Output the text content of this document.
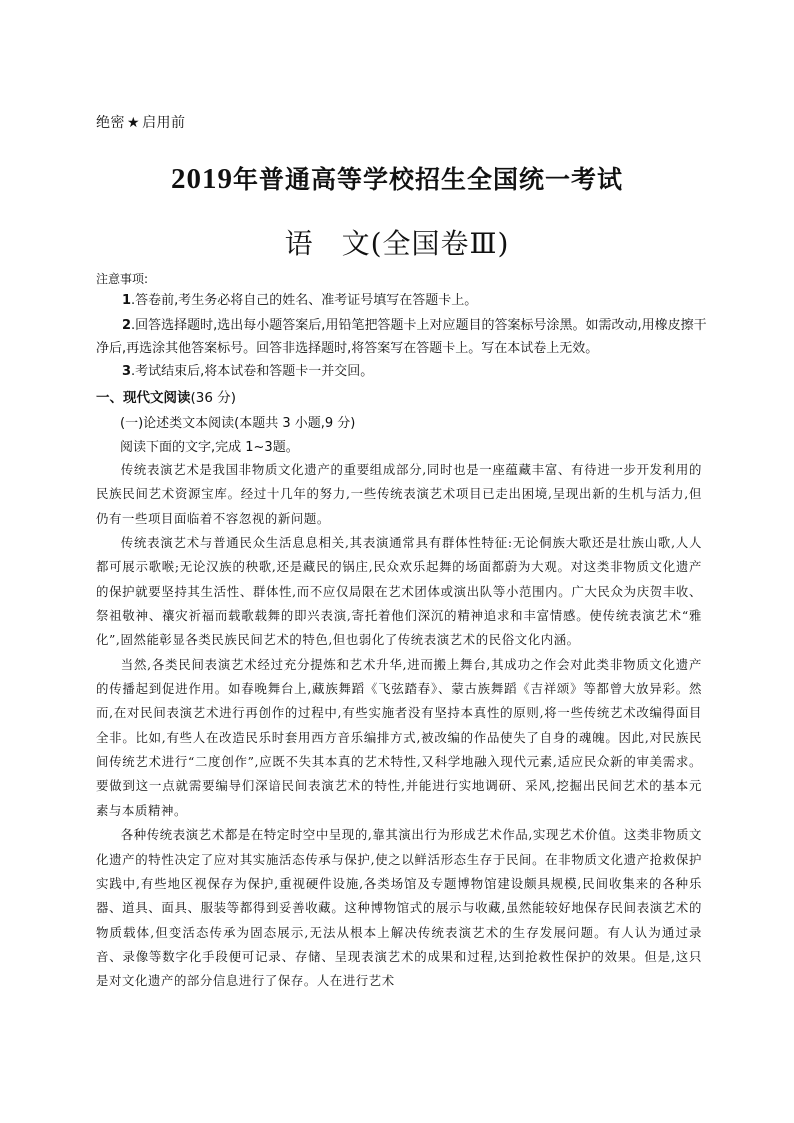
绝密 ★ 启用前
2019年普通高等学校招生全国统一考试
语 文(全国卷Ⅲ)
注意事项:
1.答卷前,考生务必将自己的姓名、准考证号填写在答题卡上。
2.回答选择题时,选出每小题答案后,用铅笔把答题卡上对应题目的答案标号涂黑。如需改动,用橡皮擦干净后,再选涂其他答案标号。回答非选择题时,将答案写在答题卡上。写在本试卷上无效。
3.考试结束后,将本试卷和答题卡一并交回。
一、现代文阅读(36 分)
(一)论述类文本阅读(本题共 3 小题,9 分)
阅读下面的文字,完成 1~3题。

传统表演艺术是我国非物质文化遗产的重要组成部分,同时也是一座蕴藏丰富、有待进一步开发利用的民族民间艺术资源宝库。经过十几年的努力,一些传统表演艺术项目已走出困境,呈现出新的生机与活力,但仍有一些项目面临着不容忽视的新问题。

传统表演艺术与普通民众生活息息相关,其表演通常具有群体性特征:无论侗族大歌还是壮族山歌,人人都可展示歌喉;无论汉族的秧歌,还是藏民的锅庄,民众欢乐起舞的场面都蔚为大观。对这类非物质文化遗产的保护就要坚持其生活性、群体性,而不应仅局限在艺术团体或演出队等小范围内。广大民众为庆贺丰收、祭祖敬神、禳灾祈福而载歌载舞的即兴表演,寄托着他们深沉的精神追求和丰富情感。使传统表演艺术“雅化”,固然能彰显各类民族民间艺术的特色,但也弱化了传统表演艺术的民俗文化内涵。

当然,各类民间表演艺术经过充分提炼和艺术升华,进而搬上舞台,其成功之作会对此类非物质文化遗产的传播起到促进作用。如春晚舞台上,藏族舞蹈《飞弦踏春》、蒙古族舞蹈《吉祥颂》等都曾大放异彩。然而,在对民间表演艺术进行再创作的过程中,有些实施者没有坚持本真性的原则,将一些传统艺术改编得面目全非。比如,有些人在改造民乐时套用西方音乐编排方式,被改编的作品使失了自身的魂魄。因此,对民族民间传统艺术进行“二度创作”,应既不失其本真的艺术特性,又科学地融入现代元素,适应民众新的审美需求。要做到这一点就需要编导们深谙民间表演艺术的特性,并能进行实地调研、采风,挖掘出民间艺术的基本元素与本质精神。

各种传统表演艺术都是在特定时空中呈现的,靠其演出行为形成艺术作品,实现艺术价值。这类非物质文化遗产的特性决定了应对其实施活态传承与保护,使之以鲜活形态生存于民间。在非物质文化遗产抢救保护实践中,有些地区视保存为保护,重视硬件设施,各类场馆及专题博物馆建设颇具规模,民间收集来的各种乐器、道具、面具、服装等都得到妥善收藏。这种博物馆式的展示与收藏,虽然能较好地保存民间表演艺术的物质载体,但变活态传承为固态展示,无法从根本上解决传统表演艺术的生存发展问题。有人认为通过录音、录像等数字化手段便可记录、存储、呈现表演艺术的成果和过程,达到抢救性保护的效果。但是,这只是对文化遗产的部分信息进行了保存。人在进行艺术
